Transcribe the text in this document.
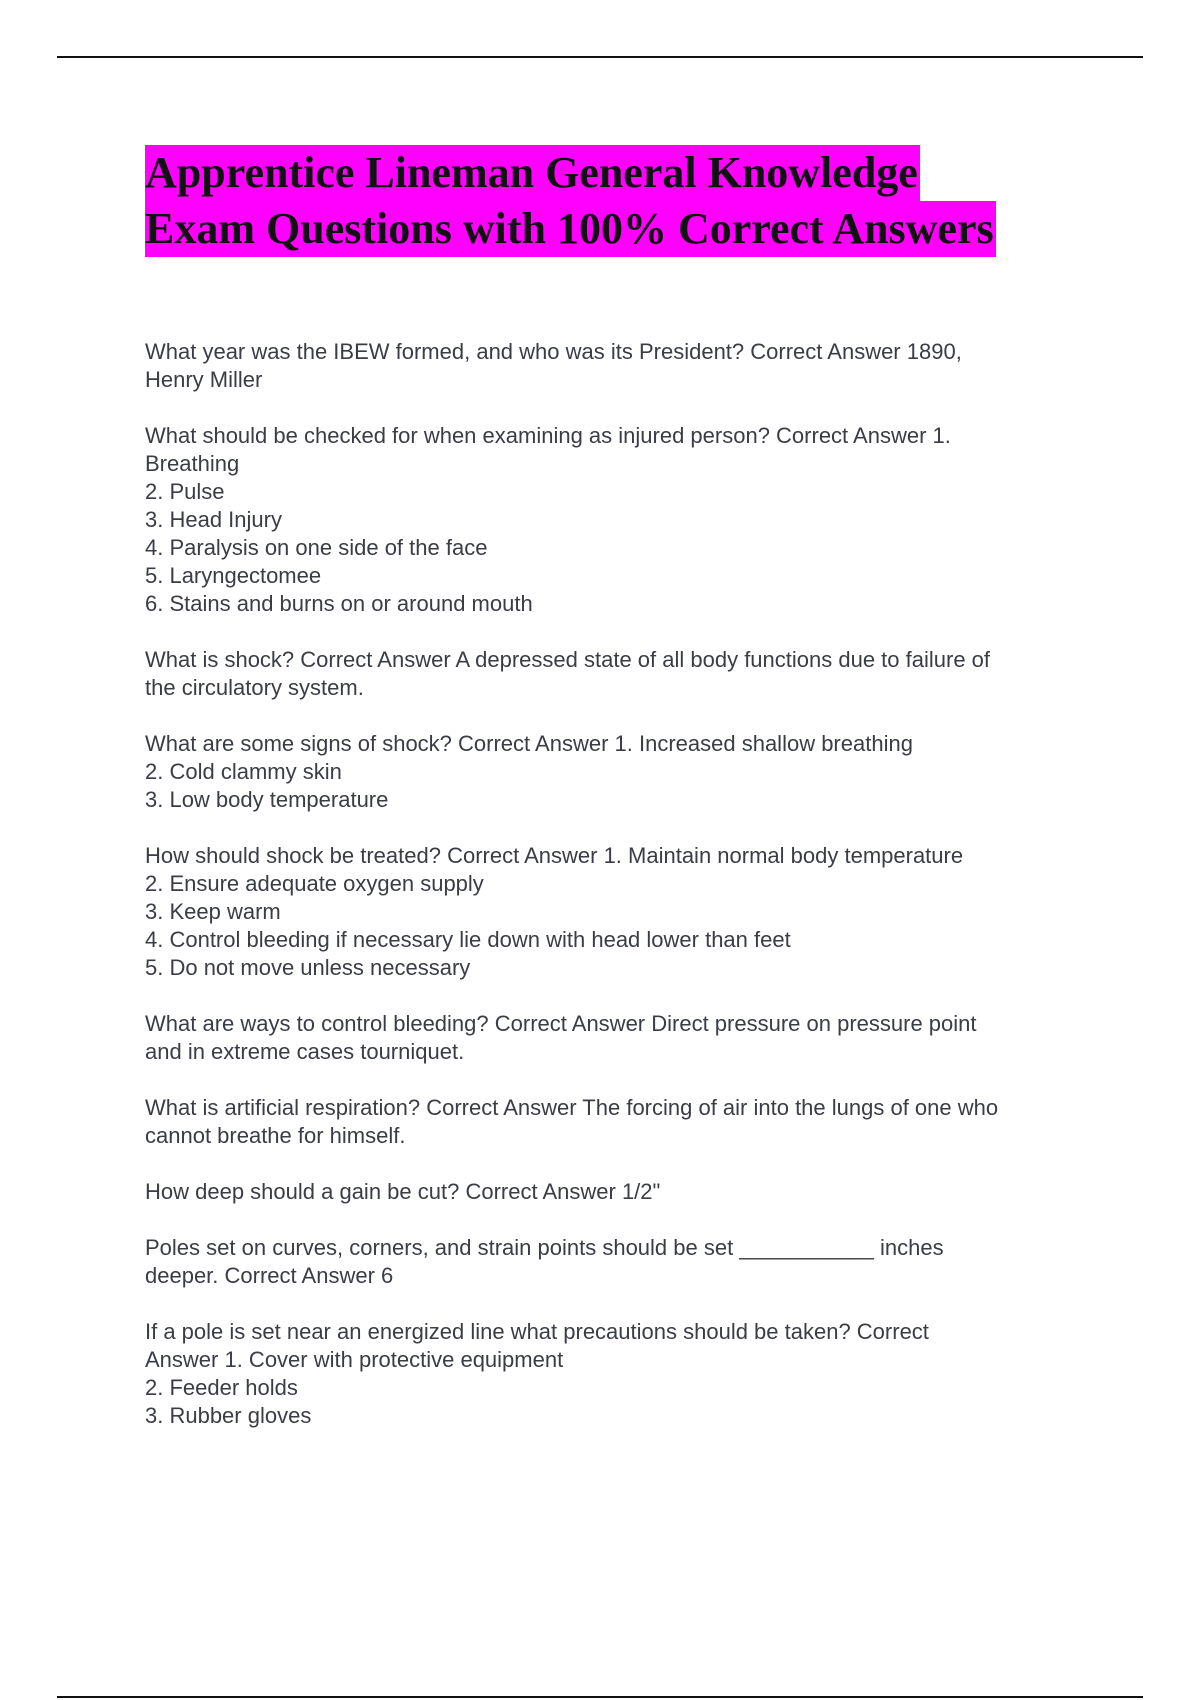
Apprentice Lineman General Knowledge
Exam Questions with 100% Correct Answers
What year was the IBEW formed, and who was its President? Correct Answer 1890,
Henry Miller
What should be checked for when examining as injured person? Correct Answer 1.
Breathing
2. Pulse
3. Head Injury
4. Paralysis on one side of the face
5. Laryngectomee
6. Stains and burns on or around mouth
What is shock? Correct Answer A depressed state of all body functions due to failure of
the circulatory system.
What are some signs of shock? Correct Answer 1. Increased shallow breathing
2. Cold clammy skin
3. Low body temperature
How should shock be treated? Correct Answer 1. Maintain normal body temperature
2. Ensure adequate oxygen supply
3. Keep warm
4. Control bleeding if necessary lie down with head lower than feet
5. Do not move unless necessary
What are ways to control bleeding? Correct Answer Direct pressure on pressure point
and in extreme cases tourniquet.
What is artificial respiration? Correct Answer The forcing of air into the lungs of one who
cannot breathe for himself.
How deep should a gain be cut? Correct Answer 1/2"
Poles set on curves, corners, and strain points should be set ___________ inches
deeper. Correct Answer 6
If a pole is set near an energized line what precautions should be taken? Correct
Answer 1. Cover with protective equipment
2. Feeder holds
3. Rubber gloves
